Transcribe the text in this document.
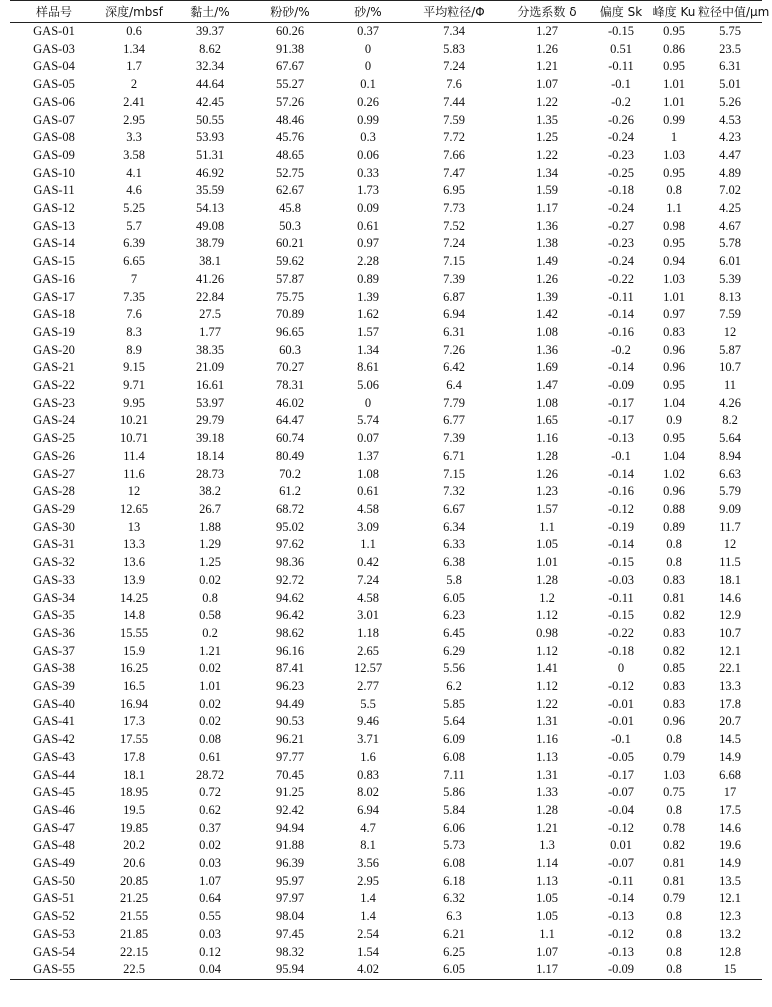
样品号	深度/mbsf	黏土/%	粉砂/%	砂/%	平均粒径/Φ	分选系数 δ	偏度 Sk	峰度 Ku	粒径中值/μm
GAS-01	0.6	39.37	60.26	0.37	7.34	1.27	-0.15	0.95	5.75
GAS-03	1.34	8.62	91.38	0	5.83	1.26	0.51	0.86	23.5
GAS-04	1.7	32.34	67.67	0	7.24	1.21	-0.11	0.95	6.31
GAS-05	2	44.64	55.27	0.1	7.6	1.07	-0.1	1.01	5.01
GAS-06	2.41	42.45	57.26	0.26	7.44	1.22	-0.2	1.01	5.26
GAS-07	2.95	50.55	48.46	0.99	7.59	1.35	-0.26	0.99	4.53
GAS-08	3.3	53.93	45.76	0.3	7.72	1.25	-0.24	1	4.23
GAS-09	3.58	51.31	48.65	0.06	7.66	1.22	-0.23	1.03	4.47
GAS-10	4.1	46.92	52.75	0.33	7.47	1.34	-0.25	0.95	4.89
GAS-11	4.6	35.59	62.67	1.73	6.95	1.59	-0.18	0.8	7.02
GAS-12	5.25	54.13	45.8	0.09	7.73	1.17	-0.24	1.1	4.25
GAS-13	5.7	49.08	50.3	0.61	7.52	1.36	-0.27	0.98	4.67
GAS-14	6.39	38.79	60.21	0.97	7.24	1.38	-0.23	0.95	5.78
GAS-15	6.65	38.1	59.62	2.28	7.15	1.49	-0.24	0.94	6.01
GAS-16	7	41.26	57.87	0.89	7.39	1.26	-0.22	1.03	5.39
GAS-17	7.35	22.84	75.75	1.39	6.87	1.39	-0.11	1.01	8.13
GAS-18	7.6	27.5	70.89	1.62	6.94	1.42	-0.14	0.97	7.59
GAS-19	8.3	1.77	96.65	1.57	6.31	1.08	-0.16	0.83	12
GAS-20	8.9	38.35	60.3	1.34	7.26	1.36	-0.2	0.96	5.87
GAS-21	9.15	21.09	70.27	8.61	6.42	1.69	-0.14	0.96	10.7
GAS-22	9.71	16.61	78.31	5.06	6.4	1.47	-0.09	0.95	11
GAS-23	9.95	53.97	46.02	0	7.79	1.08	-0.17	1.04	4.26
GAS-24	10.21	29.79	64.47	5.74	6.77	1.65	-0.17	0.9	8.2
GAS-25	10.71	39.18	60.74	0.07	7.39	1.16	-0.13	0.95	5.64
GAS-26	11.4	18.14	80.49	1.37	6.71	1.28	-0.1	1.04	8.94
GAS-27	11.6	28.73	70.2	1.08	7.15	1.26	-0.14	1.02	6.63
GAS-28	12	38.2	61.2	0.61	7.32	1.23	-0.16	0.96	5.79
GAS-29	12.65	26.7	68.72	4.58	6.67	1.57	-0.12	0.88	9.09
GAS-30	13	1.88	95.02	3.09	6.34	1.1	-0.19	0.89	11.7
GAS-31	13.3	1.29	97.62	1.1	6.33	1.05	-0.14	0.8	12
GAS-32	13.6	1.25	98.36	0.42	6.38	1.01	-0.15	0.8	11.5
GAS-33	13.9	0.02	92.72	7.24	5.8	1.28	-0.03	0.83	18.1
GAS-34	14.25	0.8	94.62	4.58	6.05	1.2	-0.11	0.81	14.6
GAS-35	14.8	0.58	96.42	3.01	6.23	1.12	-0.15	0.82	12.9
GAS-36	15.55	0.2	98.62	1.18	6.45	0.98	-0.22	0.83	10.7
GAS-37	15.9	1.21	96.16	2.65	6.29	1.12	-0.18	0.82	12.1
GAS-38	16.25	0.02	87.41	12.57	5.56	1.41	0	0.85	22.1
GAS-39	16.5	1.01	96.23	2.77	6.2	1.12	-0.12	0.83	13.3
GAS-40	16.94	0.02	94.49	5.5	5.85	1.22	-0.01	0.83	17.8
GAS-41	17.3	0.02	90.53	9.46	5.64	1.31	-0.01	0.96	20.7
GAS-42	17.55	0.08	96.21	3.71	6.09	1.16	-0.1	0.8	14.5
GAS-43	17.8	0.61	97.77	1.6	6.08	1.13	-0.05	0.79	14.9
GAS-44	18.1	28.72	70.45	0.83	7.11	1.31	-0.17	1.03	6.68
GAS-45	18.95	0.72	91.25	8.02	5.86	1.33	-0.07	0.75	17
GAS-46	19.5	0.62	92.42	6.94	5.84	1.28	-0.04	0.8	17.5
GAS-47	19.85	0.37	94.94	4.7	6.06	1.21	-0.12	0.78	14.6
GAS-48	20.2	0.02	91.88	8.1	5.73	1.3	0.01	0.82	19.6
GAS-49	20.6	0.03	96.39	3.56	6.08	1.14	-0.07	0.81	14.9
GAS-50	20.85	1.07	95.97	2.95	6.18	1.13	-0.11	0.81	13.5
GAS-51	21.25	0.64	97.97	1.4	6.32	1.05	-0.14	0.79	12.1
GAS-52	21.55	0.55	98.04	1.4	6.3	1.05	-0.13	0.8	12.3
GAS-53	21.85	0.03	97.45	2.54	6.21	1.1	-0.12	0.8	13.2
GAS-54	22.15	0.12	98.32	1.54	6.25	1.07	-0.13	0.8	12.8
GAS-55	22.5	0.04	95.94	4.02	6.05	1.17	-0.09	0.8	15
